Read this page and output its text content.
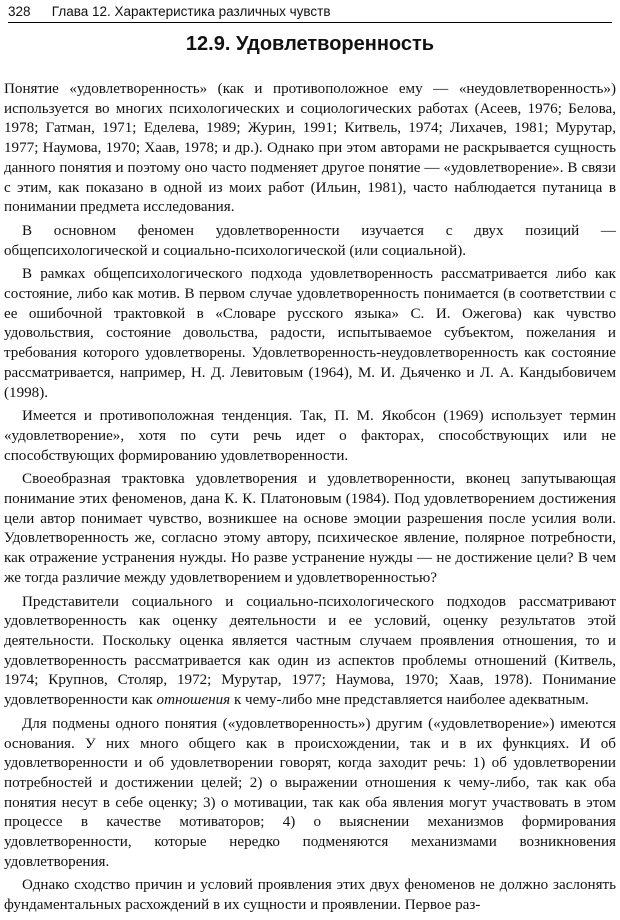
328 Глава 12. Характеристика различных чувств
12.9. Удовлетворенность

Понятие «удовлетворенность» (как и противоположное ему — «неудовлетворенность») используется во многих психологических и социологических работах (Асеев, 1976; Белова, 1978; Гатман, 1971; Еделева, 1989; Журин, 1991; Китвель, 1974; Лихачев, 1981; Мурутар, 1977; Наумова, 1970; Хаав, 1978; и др.). Однако при этом авторами не раскрывается сущность данного понятия и поэтому оно часто подменяет другое понятие — «удовлетворение». В связи с этим, как показано в одной из моих работ (Ильин, 1981), часто наблюдается путаница в понимании предмета исследования.

В основном феномен удовлетворенности изучается с двух позиций — общепсихологической и социально-психологической (или социальной).

В рамках общепсихологического подхода удовлетворенность рассматривается либо как состояние, либо как мотив. В первом случае удовлетворенность понимается (в соответствии с ее ошибочной трактовкой в «Словаре русского языка» С. И. Ожегова) как чувство удовольствия, состояние довольства, радости, испытываемое субъектом, пожелания и требования которого удовлетворены. Удовлетворенность-неудовлетворенность как состояние рассматривается, например, Н. Д. Левитовым (1964), М. И. Дьяченко и Л. А. Кандыбовичем (1998).

Имеется и противоположная тенденция. Так, П. М. Якобсон (1969) использует термин «удовлетворение», хотя по сути речь идет о факторах, способствующих или не способствующих формированию удовлетворенности.

Своеобразная трактовка удовлетворения и удовлетворенности, вконец запутывающая понимание этих феноменов, дана К. К. Платоновым (1984). Под удовлетворением достижения цели автор понимает чувство, возникшее на основе эмоции разрешения после усилия воли. Удовлетворенность же, согласно этому автору, психическое явление, полярное потребности, как отражение устранения нужды. Но разве устранение нужды — не достижение цели? В чем же тогда различие между удовлетворением и удовлетворенностью?

Представители социального и социально-психологического подходов рассматривают удовлетворенность как оценку деятельности и ее условий, оценку результатов этой деятельности. Поскольку оценка является частным случаем проявления отношения, то и удовлетворенность рассматривается как один из аспектов проблемы отношений (Китвель, 1974; Крупнов, Столяр, 1972; Мурутар, 1977; Наумова, 1970; Хаав, 1978). Понимание удовлетворенности как отношения к чему-либо мне представляется наиболее адекватным.

Для подмены одного понятия («удовлетворенность») другим («удовлетворение») имеются основания. У них много общего как в происхождении, так и в их функциях. И об удовлетворенности и об удовлетворении говорят, когда заходит речь: 1) об удовлетворении потребностей и достижении целей; 2) о выражении отношения к чему-либо, так как оба понятия несут в себе оценку; 3) о мотивации, так как оба явления могут участвовать в этом процессе в качестве мотиваторов; 4) о выяснении механизмов формирования удовлетворенности, которые нередко подменяются механизмами возникновения удовлетворения.

Однако сходство причин и условий проявления этих двух феноменов не должно заслонять фундаментальных расхождений в их сущности и проявлении. Первое раз-
